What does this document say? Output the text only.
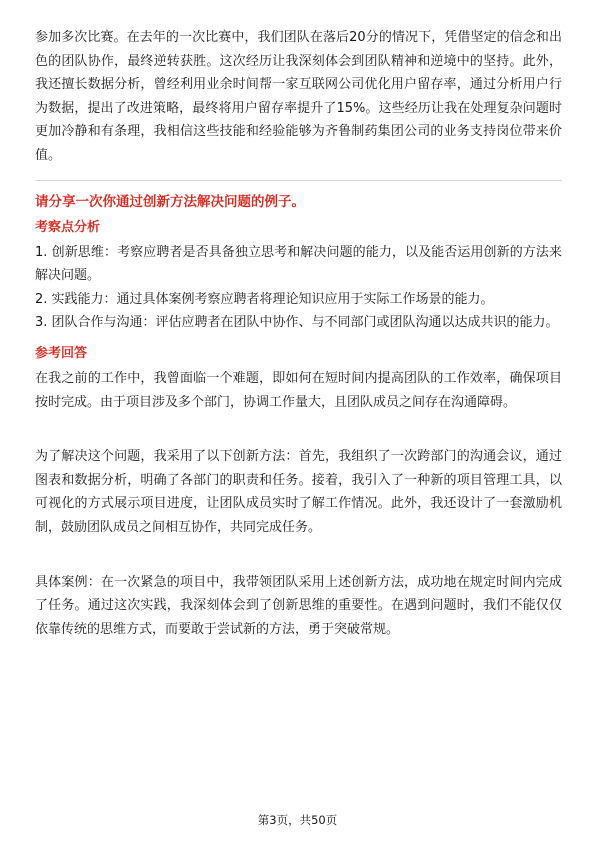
参加多次比赛。在去年的一次比赛中，我们团队在落后20分的情况下，凭借坚定的信念和出色的团队协作，最终逆转获胜。这次经历让我深刻体会到团队精神和逆境中的坚持。此外，我还擅长数据分析，曾经利用业余时间帮一家互联网公司优化用户留存率，通过分析用户行为数据，提出了改进策略，最终将用户留存率提升了15%。这些经历让我在处理复杂问题时更加冷静和有条理，我相信这些技能和经验能够为齐鲁制药集团公司的业务支持岗位带来价值。

请分享一次你通过创新方法解决问题的例子。

考察点分析

1. 创新思维：考察应聘者是否具备独立思考和解决问题的能力，以及能否运用创新的方法来解决问题。

2. 实践能力：通过具体案例考察应聘者将理论知识应用于实际工作场景的能力。

3. 团队合作与沟通：评估应聘者在团队中协作、与不同部门或团队沟通以达成共识的能力。

参考回答

在我之前的工作中，我曾面临一个难题，即如何在短时间内提高团队的工作效率，确保项目按时完成。由于项目涉及多个部门，协调工作量大，且团队成员之间存在沟通障碍。

为了解决这个问题，我采用了以下创新方法：首先，我组织了一次跨部门的沟通会议，通过图表和数据分析，明确了各部门的职责和任务。接着，我引入了一种新的项目管理工具，以可视化的方式展示项目进度，让团队成员实时了解工作情况。此外，我还设计了一套激励机制，鼓励团队成员之间相互协作，共同完成任务。

具体案例：在一次紧急的项目中，我带领团队采用上述创新方法，成功地在规定时间内完成了任务。通过这次实践，我深刻体会到了创新思维的重要性。在遇到问题时，我们不能仅仅依靠传统的思维方式，而要敢于尝试新的方法，勇于突破常规。

第3页，共50页
